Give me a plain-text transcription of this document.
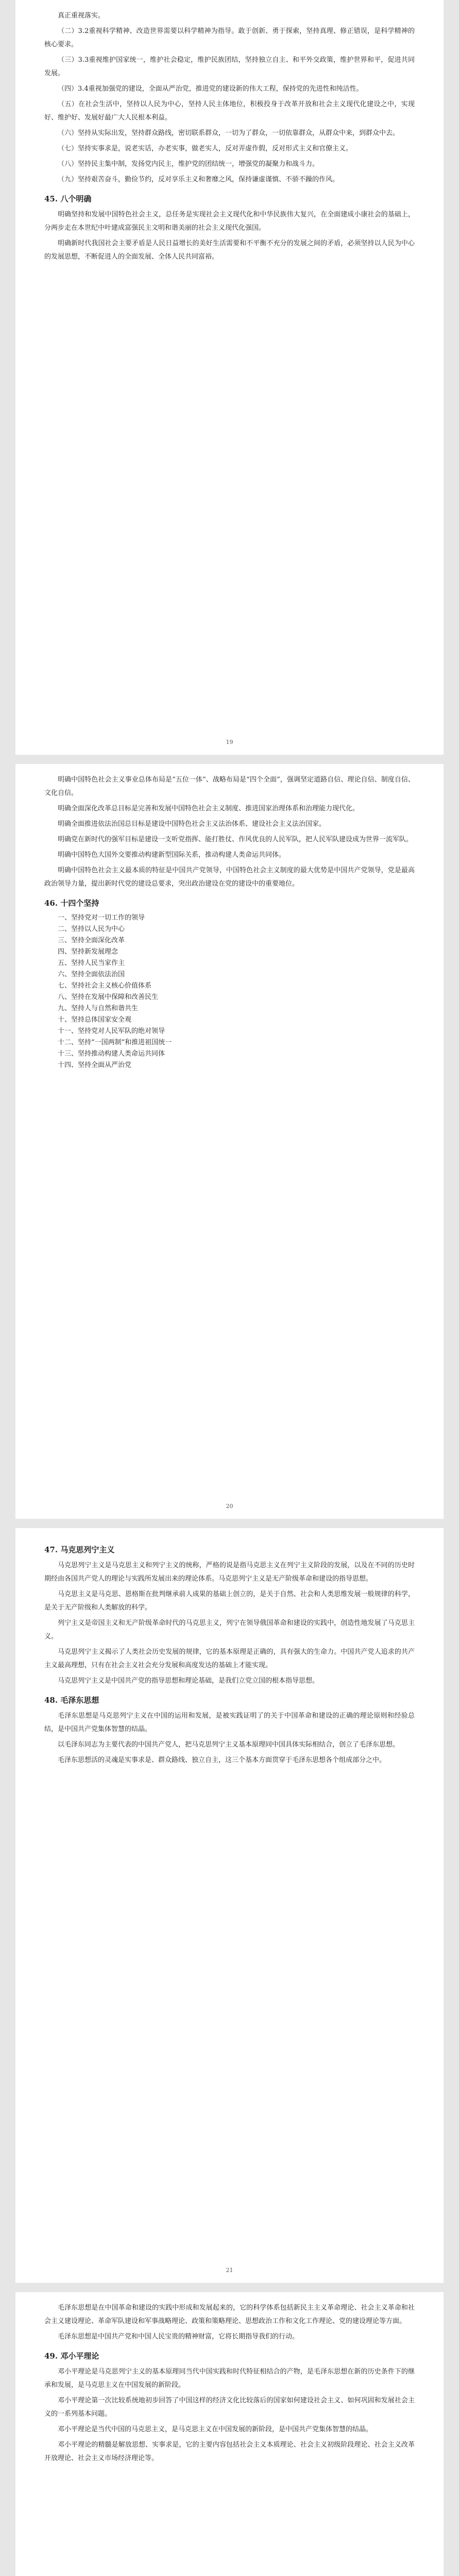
真正重视落实。

（二）3.2重视科学精神、改造世界需要以科学精神为指导。敢于创新、勇于探索，坚持真理、修正错误，是科学精神的核心要求。

（三）3.3重视维护国家统一，维护社会稳定，维护民族团结，坚持独立自主、和平外交政策，维护世界和平，促进共同发展。

（四）3.4重视加强党的建设，全面从严治党，推进党的建设新的伟大工程，保持党的先进性和纯洁性。

（五）在社会生活中，坚持以人民为中心，坚持人民主体地位，积极投身于改革开放和社会主义现代化建设之中，实现好、维护好、发展好最广大人民根本利益。

（六）坚持从实际出发，坚持群众路线，密切联系群众，一切为了群众，一切依靠群众，从群众中来，到群众中去。

（七）坚持实事求是，说老实话，办老实事，做老实人，反对弄虚作假，反对形式主义和官僚主义。

（八）坚持民主集中制，发扬党内民主，维护党的团结统一，增强党的凝聚力和战斗力。

（九）坚持艰苦奋斗，勤俭节约，反对享乐主义和奢靡之风，保持谦虚谨慎、不骄不躁的作风。

45. 八个明确

明确坚持和发展中国特色社会主义，总任务是实现社会主义现代化和中华民族伟大复兴，在全面建成小康社会的基础上，分两步走在本世纪中叶建成富强民主文明和谐美丽的社会主义现代化强国。

明确新时代我国社会主要矛盾是人民日益增长的美好生活需要和不平衡不充分的发展之间的矛盾，必须坚持以人民为中心的发展思想，不断促进人的全面发展、全体人民共同富裕。

19

明确中国特色社会主义事业总体布局是“五位一体”、战略布局是“四个全面”，强调坚定道路自信、理论自信、制度自信、文化自信。

明确全面深化改革总目标是完善和发展中国特色社会主义制度、推进国家治理体系和治理能力现代化。

明确全面推进依法治国总目标是建设中国特色社会主义法治体系、建设社会主义法治国家。

明确党在新时代的强军目标是建设一支听党指挥、能打胜仗、作风优良的人民军队，把人民军队建设成为世界一流军队。

明确中国特色大国外交要推动构建新型国际关系，推动构建人类命运共同体。

明确中国特色社会主义最本质的特征是中国共产党领导，中国特色社会主义制度的最大优势是中国共产党领导，党是最高政治领导力量，提出新时代党的建设总要求，突出政治建设在党的建设中的重要地位。

46. 十四个坚持

一、坚持党对一切工作的领导

二、坚持以人民为中心

三、坚持全面深化改革

四、坚持新发展理念

五、坚持人民当家作主

六、坚持全面依法治国

七、坚持社会主义核心价值体系

八、坚持在发展中保障和改善民生

九、坚持人与自然和谐共生

十、坚持总体国家安全观

十一、坚持党对人民军队的绝对领导

十二、坚持“一国两制”和推进祖国统一

十三、坚持推动构建人类命运共同体

十四、坚持全面从严治党

20
47. 马克思列宁主义

马克思列宁主义是马克思主义和列宁主义的统称，严格的说是指马克思主义在列宁主义阶段的发展，以及在不同的历史时期经由各国共产党人的理论与实践所发展出来的理论体系。马克思列宁主义是无产阶级革命和建设的指导思想。

马克思主义是马克思、恩格斯在批判继承前人成果的基础上创立的，是关于自然、社会和人类思维发展一般规律的科学，是关于无产阶级和人类解放的科学。

列宁主义是帝国主义和无产阶级革命时代的马克思主义，列宁在领导俄国革命和建设的实践中，创造性地发展了马克思主义。

马克思列宁主义揭示了人类社会历史发展的规律，它的基本原理是正确的，具有强大的生命力。中国共产党人追求的共产主义最高理想，只有在社会主义社会充分发展和高度发达的基础上才能实现。

马克思列宁主义是中国共产党的指导思想和理论基础，是我们立党立国的根本指导思想。

48. 毛泽东思想

毛泽东思想是马克思列宁主义在中国的运用和发展，是被实践证明了的关于中国革命和建设的正确的理论原则和经验总结，是中国共产党集体智慧的结晶。

以毛泽东同志为主要代表的中国共产党人，把马克思列宁主义基本原理同中国具体实际相结合，创立了毛泽东思想。

毛泽东思想活的灵魂是实事求是、群众路线、独立自主，这三个基本方面贯穿于毛泽东思想各个组成部分之中。

21

毛泽东思想是在中国革命和建设的实践中形成和发展起来的，它的科学体系包括新民主主义革命理论、社会主义革命和社会主义建设理论、革命军队建设和军事战略理论、政策和策略理论、思想政治工作和文化工作理论、党的建设理论等方面。

毛泽东思想是中国共产党和中国人民宝贵的精神财富，它将长期指导我们的行动。

49. 邓小平理论

邓小平理论是马克思列宁主义的基本原理同当代中国实践和时代特征相结合的产物，是毛泽东思想在新的历史条件下的继承和发展，是马克思主义在中国发展的新阶段。

邓小平理论第一次比较系统地初步回答了中国这样的经济文化比较落后的国家如何建设社会主义、如何巩固和发展社会主义的一系列基本问题。

邓小平理论是当代中国的马克思主义，是马克思主义在中国发展的新阶段，是中国共产党集体智慧的结晶。

邓小平理论的精髓是解放思想、实事求是，它的主要内容包括社会主义本质理论、社会主义初级阶段理论、社会主义改革开放理论、社会主义市场经济理论等。
